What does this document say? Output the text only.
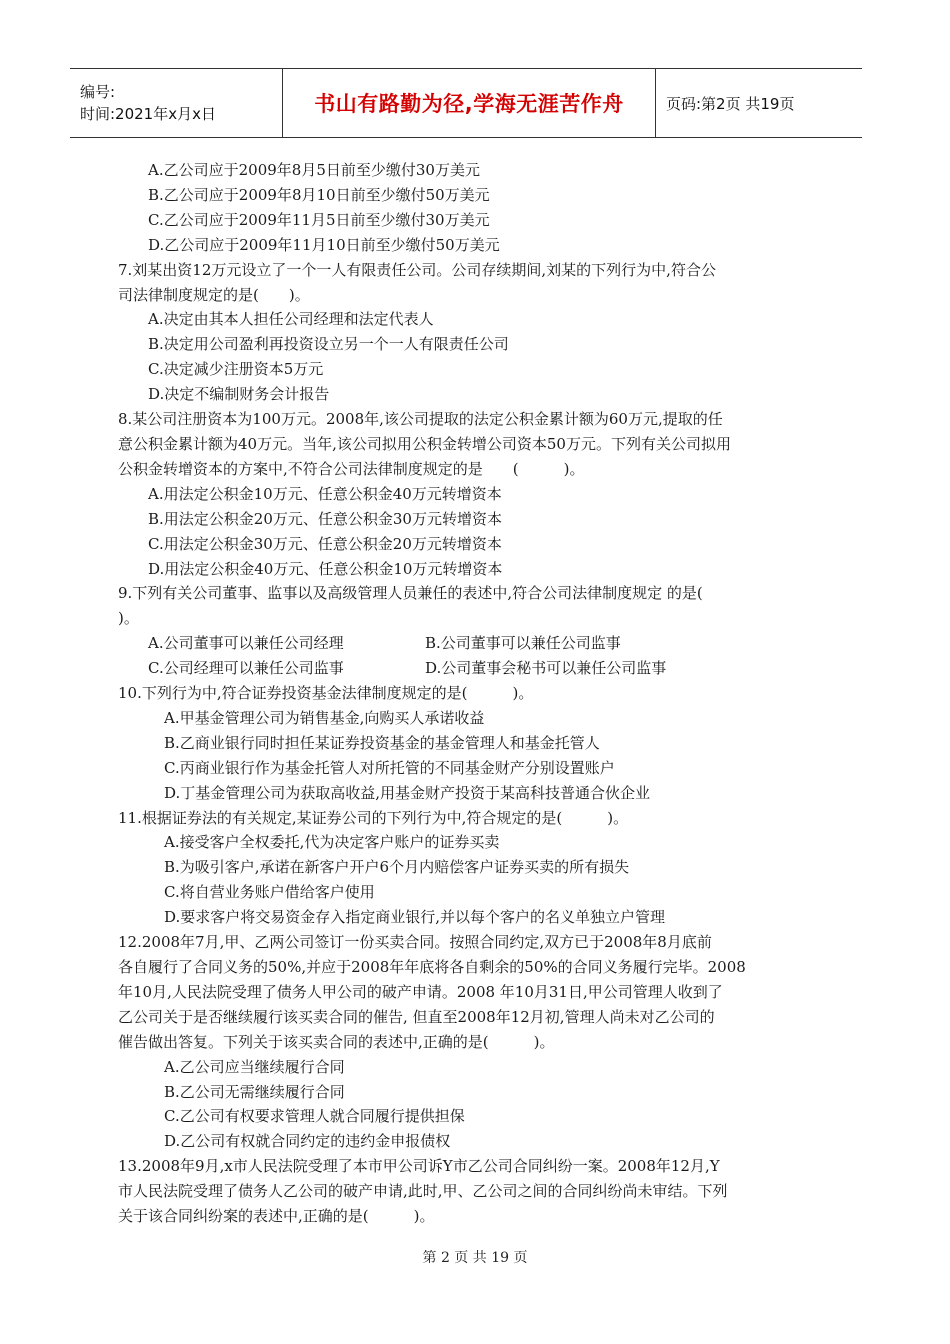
编号:
时间:2021年x月x日	书山有路勤为径,学海无涯苦作舟	页码:第2页 共19页
A.乙公司应于2009年8月5日前至少缴付30万美元
B.乙公司应于2009年8月10日前至少缴付50万美元
C.乙公司应于2009年11月5日前至少缴付30万美元
D.乙公司应于2009年11月10日前至少缴付50万美元
7.刘某出资12万元设立了一个一人有限责任公司。公司存续期间,刘某的下列行为中,符合公
司法律制度规定的是(　　)。
A.决定由其本人担任公司经理和法定代表人
B.决定用公司盈利再投资设立另一个一人有限责任公司
C.决定减少注册资本5万元
D.决定不编制财务会计报告
8.某公司注册资本为100万元。2008年,该公司提取的法定公积金累计额为60万元,提取的任
意公积金累计额为40万元。当年,该公司拟用公积金转增公司资本50万元。下列有关公司拟用
公积金转增资本的方案中,不符合公司法律制度规定的是　　(　　　)。
A.用法定公积金10万元、任意公积金40万元转增资本
B.用法定公积金20万元、任意公积金30万元转增资本
C.用法定公积金30万元、任意公积金20万元转增资本
D.用法定公积金40万元、任意公积金10万元转增资本
9.下列有关公司董事、监事以及高级管理人员兼任的表述中,符合公司法律制度规定 的是(
)。
A.公司董事可以兼任公司经理	B.公司董事可以兼任公司监事
C.公司经理可以兼任公司监事	D.公司董事会秘书可以兼任公司监事
10.下列行为中,符合证券投资基金法律制度规定的是(　　　)。
A.甲基金管理公司为销售基金,向购买人承诺收益
B.乙商业银行同时担任某证券投资基金的基金管理人和基金托管人
C.丙商业银行作为基金托管人对所托管的不同基金财产分别设置账户
D.丁基金管理公司为获取高收益,用基金财产投资于某高科技普通合伙企业
11.根据证券法的有关规定,某证券公司的下列行为中,符合规定的是(　　　)。
A.接受客户全权委托,代为决定客户账户的证券买卖
B.为吸引客户,承诺在新客户开户6个月内赔偿客户证券买卖的所有损失
C.将自营业务账户借给客户使用
D.要求客户将交易资金存入指定商业银行,并以每个客户的名义单独立户管理
12.2008年7月,甲、乙两公司签订一份买卖合同。按照合同约定,双方已于2008年8月底前
各自履行了合同义务的50%,并应于2008年年底将各自剩余的50%的合同义务履行完毕。2008
年10月,人民法院受理了债务人甲公司的破产申请。2008 年10月31日,甲公司管理人收到了
乙公司关于是否继续履行该买卖合同的催告, 但直至2008年12月初,管理人尚未对乙公司的
催告做出答复。下列关于该买卖合同的表述中,正确的是(　　　)。
A.乙公司应当继续履行合同
B.乙公司无需继续履行合同
C.乙公司有权要求管理人就合同履行提供担保
D.乙公司有权就合同约定的违约金申报债权
13.2008年9月,x市人民法院受理了本市甲公司诉Y市乙公司合同纠纷一案。2008年12月,Y
市人民法院受理了债务人乙公司的破产申请,此时,甲、乙公司之间的合同纠纷尚未审结。下列
关于该合同纠纷案的表述中,正确的是(　　　)。
第 2 页 共 19 页
